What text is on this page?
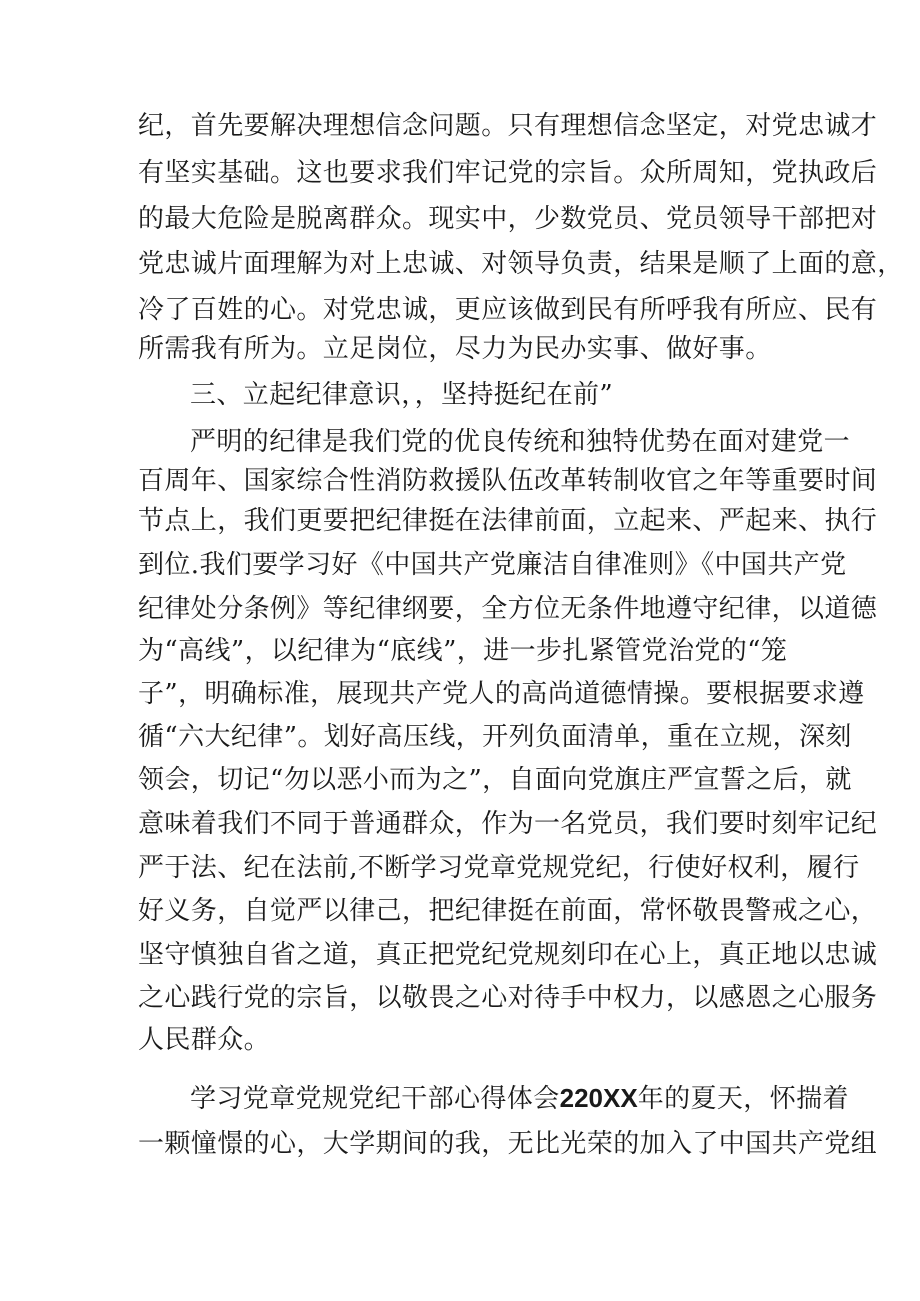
纪，首先要解决理想信念问题。只有理想信念坚定，对党忠诚才
有坚实基础。这也要求我们牢记党的宗旨。众所周知，党执政后
的最大危险是脱离群众。现实中，少数党员、党员领导干部把对
党忠诚片面理解为对上忠诚、对领导负责，结果是顺了上面的意，
冷了百姓的心。对党忠诚，更应该做到民有所呼我有所应、民有
所需我有所为。立足岗位，尽力为民办实事、做好事。
三、立起纪律意识，，坚持挺纪在前”
严明的纪律是我们党的优良传统和独特优势在面对建党一
百周年、国家综合性消防救援队伍改革转制收官之年等重要时间
节点上，我们更要把纪律挺在法律前面，立起来、严起来、执行
到位.我们要学习好《中国共产党廉洁自律准则》《中国共产党
纪律处分条例》等纪律纲要，全方位无条件地遵守纪律，以道德
为“高线”，以纪律为“底线”，进一步扎紧管党治党的“笼
子”，明确标准，展现共产党人的高尚道德情操。要根据要求遵
循“六大纪律”。划好高压线，开列负面清单，重在立规，深刻
领会，切记“勿以恶小而为之”，自面向党旗庄严宣誓之后，就
意味着我们不同于普通群众，作为一名党员，我们要时刻牢记纪
严于法、纪在法前,不断学习党章党规党纪，行使好权利，履行
好义务，自觉严以律己，把纪律挺在前面，常怀敬畏警戒之心，
坚守慎独自省之道，真正把党纪党规刻印在心上，真正地以忠诚
之心践行党的宗旨，以敬畏之心对待手中权力，以感恩之心服务
人民群众。
学习党章党规党纪干部心得体会220XX年的夏天，怀揣着
一颗憧憬的心，大学期间的我，无比光荣的加入了中国共产党组
